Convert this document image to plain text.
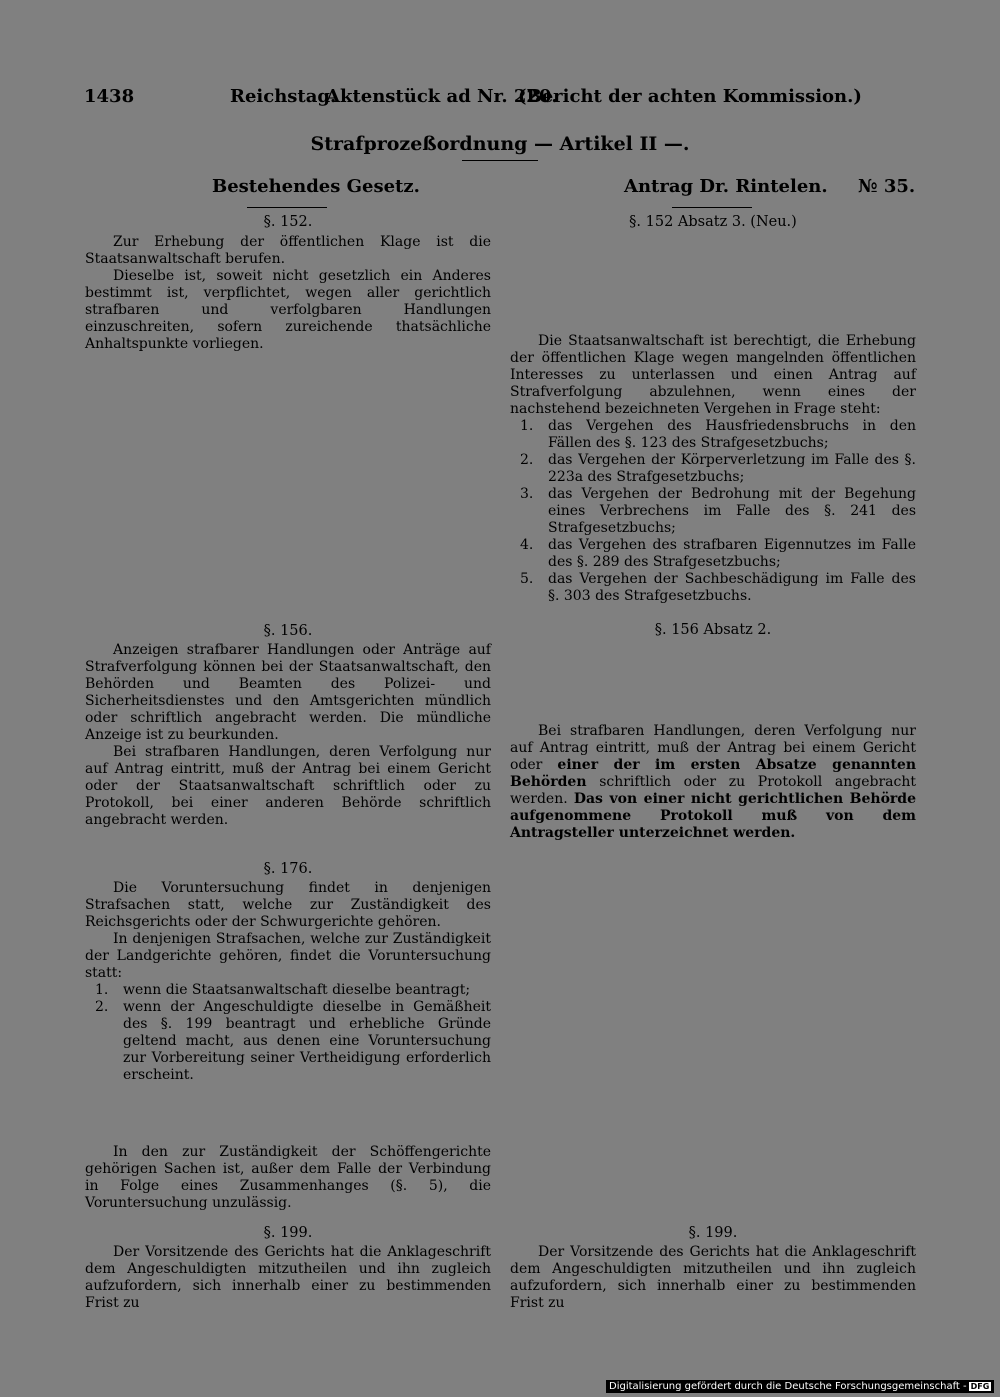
1438	Reichstag.
Aktenstück ad Nr. 220.
(Bericht der achten Kommission.)
Strafprozeßordnung — Artikel II —.
Bestehendes Gesetz.	Antrag Dr. Rintelen. № 35.
§. 152.
Zur Erhebung der öffentlichen Klage ist die Staatsanwaltschaft berufen.
Dieselbe ist, soweit nicht gesetzlich ein Anderes bestimmt ist, verpflichtet, wegen aller gerichtlich strafbaren und verfolgbaren Handlungen einzuschreiten, sofern zureichende thatsächliche Anhaltspunkte vorliegen.
§. 156.
Anzeigen strafbarer Handlungen oder Anträge auf Strafverfolgung können bei der Staatsanwaltschaft, den Behörden und Beamten des Polizei- und Sicherheitsdienstes und den Amtsgerichten mündlich oder schriftlich angebracht werden. Die mündliche Anzeige ist zu beurkunden.
Bei strafbaren Handlungen, deren Verfolgung nur auf Antrag eintritt, muß der Antrag bei einem Gericht oder der Staatsanwaltschaft schriftlich oder zu Protokoll, bei einer anderen Behörde schriftlich angebracht werden.
§. 176.
Die Voruntersuchung findet in denjenigen Strafsachen statt, welche zur Zuständigkeit des Reichsgerichts oder der Schwurgerichte gehören.
In denjenigen Strafsachen, welche zur Zuständigkeit der Landgerichte gehören, findet die Voruntersuchung statt:
1. wenn die Staatsanwaltschaft dieselbe beantragt;
2. wenn der Angeschuldigte dieselbe in Gemäßheit des §. 199 beantragt und erhebliche Gründe geltend macht, aus denen eine Voruntersuchung zur Vorbereitung seiner Vertheidigung erforderlich erscheint.
In den zur Zuständigkeit der Schöffengerichte gehörigen Sachen ist, außer dem Falle der Verbindung in Folge eines Zusammenhanges (§. 5), die Voruntersuchung unzulässig.
§. 199.
Der Vorsitzende des Gerichts hat die Anklageschrift dem Angeschuldigten mitzutheilen und ihn zugleich aufzufordern, sich innerhalb einer zu bestimmenden Frist zu
§. 152 Absatz 3. (Neu.)
Die Staatsanwaltschaft ist berechtigt, die Erhebung der öffentlichen Klage wegen mangelnden öffentlichen Interesses zu unterlassen und einen Antrag auf Strafverfolgung abzulehnen, wenn eines der nachstehend bezeichneten Vergehen in Frage steht:
1. das Vergehen des Hausfriedensbruchs in den Fällen des §. 123 des Strafgesetzbuchs;
2. das Vergehen der Körperverletzung im Falle des §. 223a des Strafgesetzbuchs;
3. das Vergehen der Bedrohung mit der Begehung eines Verbrechens im Falle des §. 241 des Strafgesetzbuchs;
4. das Vergehen des strafbaren Eigennutzes im Falle des §. 289 des Strafgesetzbuchs;
5. das Vergehen der Sachbeschädigung im Falle des §. 303 des Strafgesetzbuchs.
§. 156 Absatz 2.
Bei strafbaren Handlungen, deren Verfolgung nur auf Antrag eintritt, muß der Antrag bei einem Gericht oder einer der im ersten Absatze genannten Behörden schriftlich oder zu Protokoll angebracht werden. Das von einer nicht gerichtlichen Behörde aufgenommene Protokoll muß von dem Antragsteller unterzeichnet werden.
§. 199.
Der Vorsitzende des Gerichts hat die Anklageschrift dem Angeschuldigten mitzutheilen und ihn zugleich aufzufordern, sich innerhalb einer zu bestimmenden Frist zu
Digitalisierung gefördert durch die Deutsche Forschungsgemeinschaft - DFG
